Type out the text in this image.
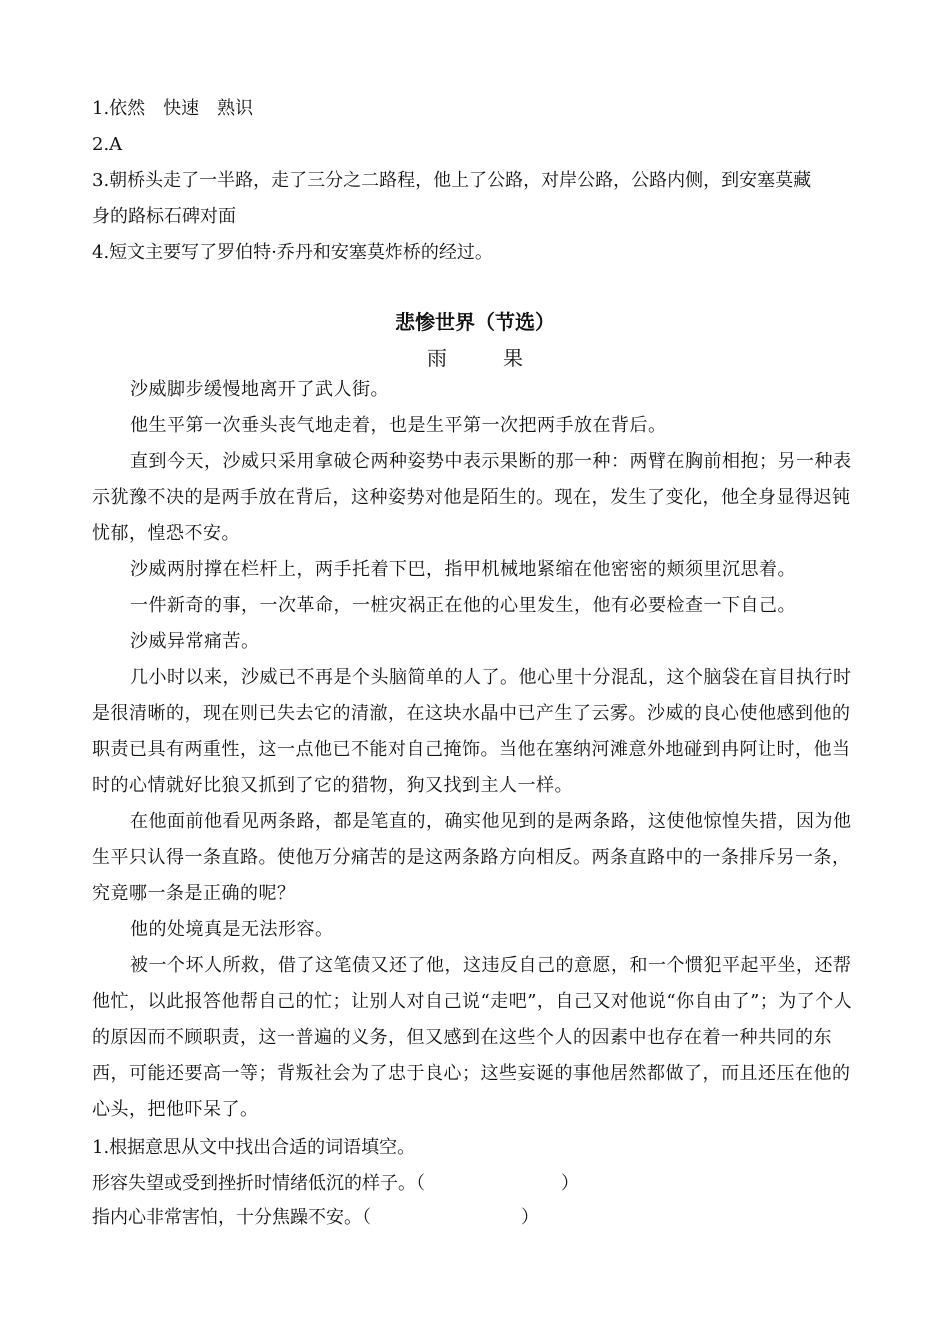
1.依然　快速　熟识
2.A
3.朝桥头走了一半路，走了三分之二路程，他上了公路，对岸公路，公路内侧，到安塞莫藏
身的路标石碑对面
4.短文主要写了罗伯特·乔丹和安塞莫炸桥的经过。
悲惨世界（节选）
雨　果
沙威脚步缓慢地离开了武人街。
他生平第一次垂头丧气地走着，也是生平第一次把两手放在背后。
直到今天，沙威只采用拿破仑两种姿势中表示果断的那一种：两臂在胸前相抱；另一种表示犹豫不决的是两手放在背后，这种姿势对他是陌生的。现在，发生了变化，他全身显得迟钝忧郁，惶恐不安。
沙威两肘撑在栏杆上，两手托着下巴，指甲机械地紧缩在他密密的颊须里沉思着。
一件新奇的事，一次革命，一桩灾祸正在他的心里发生，他有必要检查一下自己。
沙威异常痛苦。
几小时以来，沙威已不再是个头脑简单的人了。他心里十分混乱，这个脑袋在盲目执行时是很清晰的，现在则已失去它的清澈，在这块水晶中已产生了云雾。沙威的良心使他感到他的职责已具有两重性，这一点他已不能对自己掩饰。当他在塞纳河滩意外地碰到冉阿让时，他当时的心情就好比狼又抓到了它的猎物，狗又找到主人一样。
在他面前他看见两条路，都是笔直的，确实他见到的是两条路，这使他惊惶失措，因为他生平只认得一条直路。使他万分痛苦的是这两条路方向相反。两条直路中的一条排斥另一条，究竟哪一条是正确的呢？
他的处境真是无法形容。
被一个坏人所救，借了这笔债又还了他，这违反自己的意愿，和一个惯犯平起平坐，还帮他忙，以此报答他帮自己的忙；让别人对自己说“走吧”，自己又对他说“你自由了”；为了个人的原因而不顾职责，这一普遍的义务，但又感到在这些个人的因素中也存在着一种共同的东西，可能还要高一等；背叛社会为了忠于良心；这些妄诞的事他居然都做了，而且还压在他的心头，把他吓呆了。
1.根据意思从文中找出合适的词语填空。
形容失望或受到挫折时情绪低沉的样子。（	）
指内心非常害怕，十分焦躁不安。（	）
